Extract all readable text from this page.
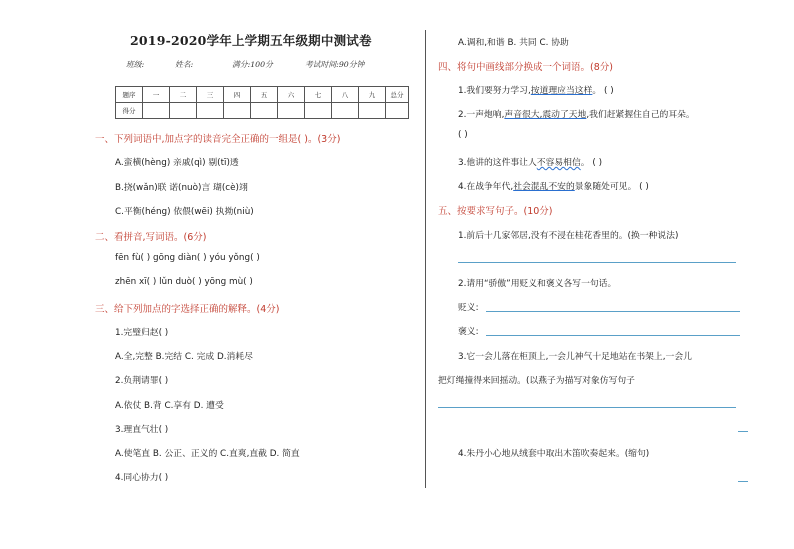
2019-2020学年上学期五年级期中测试卷
班级:	姓名:	满分:100分	考试时间:90分钟
题序	一	二	三	四	五	六	七	八	九	总分
得分										
一、下列词语中,加点字的读音完全正确的一组是( )。(3分)
A.蛮横(hèng) 亲戚(qì) 剔(tī)透
B.挠(wǎn)联 诺(nuò)言 瑚(cè)翊
C.平衡(héng) 依偎(wēi) 执拗(niù)
二、看拼音,写词语。(6分)
fēn fù( ) gōng diàn( ) yóu yǒng( )
zhēn xī( ) lǔn duò( ) yōng mù( )
三、给下列加点的字选择正确的解释。(4分)
1.完璧归赵( )
A.全,完整 B.完结 C. 完成 D.消耗尽
2.负荆请罪( )
A.依仗 B.背 C.享有 D. 遭受
3.理直气壮( )
A.使笔直 B. 公正、正义的 C.直爽,直截 D. 简直
4.同心协力( )
A.调和,和谐 B. 共同 C. 协助
四、将句中画线部分换成一个词语。(8分)
1.我们要努力学习,按道理应当这样。 ( )
2.一声炮响,声音很大,震动了天地,我们赶紧握住自己的耳朵。
( )
3.他讲的这件事让人不容易相信。 ( )
4.在战争年代,社会混乱不安的景象随处可见。 ( )
五、按要求写句子。(10分)
1.前后十几家邻居,没有不浸在桂花香里的。(换一种说法)
2.请用“骄傲”用贬义和褒义各写一句话。
贬义:
褒义:
3.它一会儿落在柜顶上,一会儿神气十足地站在书架上,一会儿
把灯绳撞得来回摇动。(以燕子为描写对象仿写句子
4.朱丹小心地从绒套中取出木笛吹奏起来。(缩句)
